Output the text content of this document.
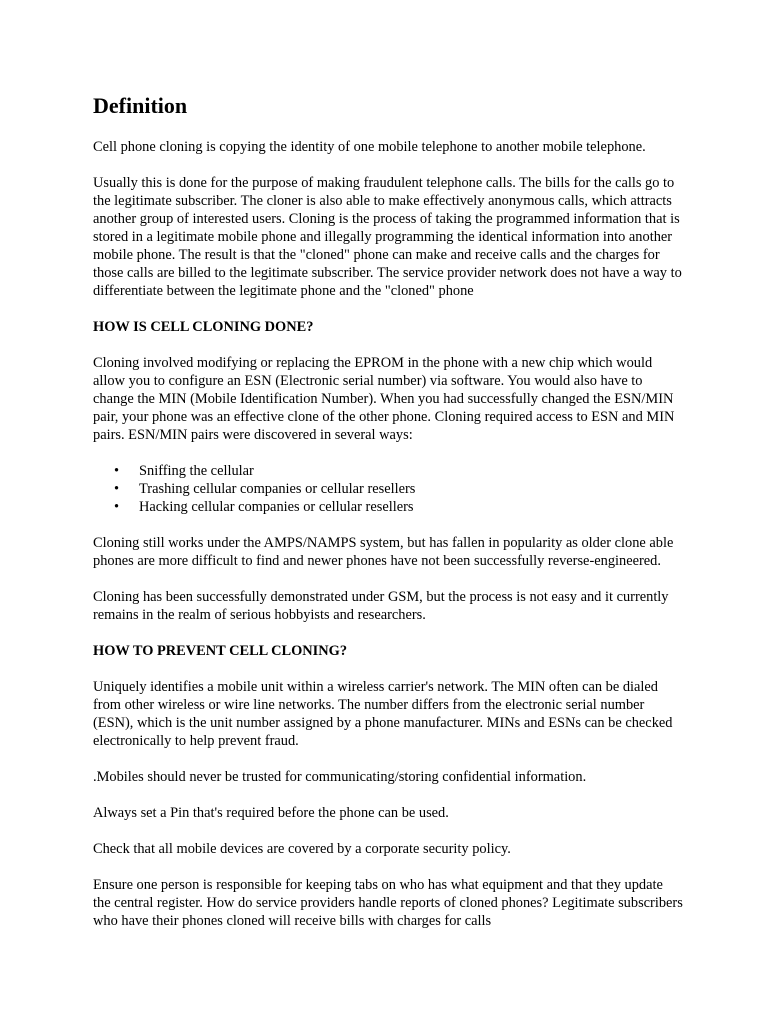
Definition

Cell phone cloning is copying the identity of one mobile telephone to another mobile telephone.

Usually this is done for the purpose of making fraudulent telephone calls. The bills for the calls go to the legitimate subscriber. The cloner is also able to make effectively anonymous calls, which attracts another group of interested users. Cloning is the process of taking the programmed information that is stored in a legitimate mobile phone and illegally programming the identical information into another mobile phone. The result is that the "cloned" phone can make and receive calls and the charges for those calls are billed to the legitimate subscriber. The service provider network does not have a way to differentiate between the legitimate phone and the "cloned" phone

HOW IS CELL CLONING DONE?

Cloning involved modifying or replacing the EPROM in the phone with a new chip which would allow you to configure an ESN (Electronic serial number) via software. You would also have to change the MIN (Mobile Identification Number). When you had successfully changed the ESN/MIN pair, your phone was an effective clone of the other phone. Cloning required access to ESN and MIN pairs. ESN/MIN pairs were discovered in several ways:

• Sniffing the cellular
• Trashing cellular companies or cellular resellers
• Hacking cellular companies or cellular resellers

Cloning still works under the AMPS/NAMPS system, but has fallen in popularity as older clone able phones are more difficult to find and newer phones have not been successfully reverse-engineered.

Cloning has been successfully demonstrated under GSM, but the process is not easy and it currently remains in the realm of serious hobbyists and researchers.

HOW TO PREVENT CELL CLONING?

Uniquely identifies a mobile unit within a wireless carrier's network. The MIN often can be dialed from other wireless or wire line networks. The number differs from the electronic serial number (ESN), which is the unit number assigned by a phone manufacturer. MINs and ESNs can be checked electronically to help prevent fraud.

.Mobiles should never be trusted for communicating/storing confidential information.

Always set a Pin that's required before the phone can be used.

Check that all mobile devices are covered by a corporate security policy.

Ensure one person is responsible for keeping tabs on who has what equipment and that they update the central register. How do service providers handle reports of cloned phones? Legitimate subscribers who have their phones cloned will receive bills with charges for calls
